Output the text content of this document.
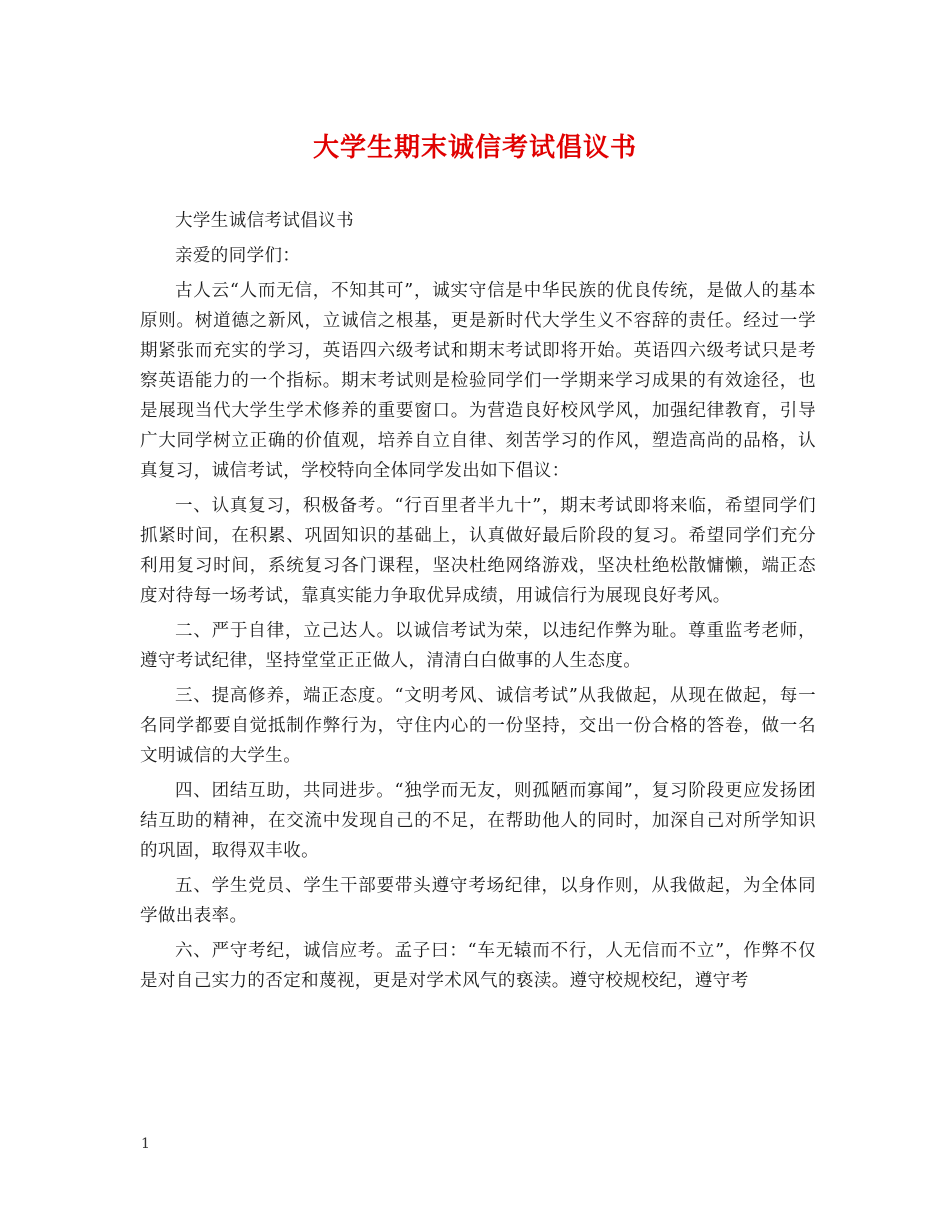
大学生期末诚信考试倡议书

大学生诚信考试倡议书

亲爱的同学们：

古人云“人而无信，不知其可”，诚实守信是中华民族的优良传统，是做人的基本原则。树道德之新风，立诚信之根基，更是新时代大学生义不容辞的责任。经过一学期紧张而充实的学习，英语四六级考试和期末考试即将开始。英语四六级考试只是考察英语能力的一个指标。期末考试则是检验同学们一学期来学习成果的有效途径，也是展现当代大学生学术修养的重要窗口。为营造良好校风学风，加强纪律教育，引导广大同学树立正确的价值观，培养自立自律、刻苦学习的作风，塑造高尚的品格，认真复习，诚信考试，学校特向全体同学发出如下倡议：

一、认真复习，积极备考。“行百里者半九十”，期末考试即将来临，希望同学们抓紧时间，在积累、巩固知识的基础上，认真做好最后阶段的复习。希望同学们充分利用复习时间，系统复习各门课程，坚决杜绝网络游戏，坚决杜绝松散慵懒，端正态度对待每一场考试，靠真实能力争取优异成绩，用诚信行为展现良好考风。

二、严于自律，立己达人。以诚信考试为荣，以违纪作弊为耻。尊重监考老师，遵守考试纪律，坚持堂堂正正做人，清清白白做事的人生态度。

三、提高修养，端正态度。“文明考风、诚信考试”从我做起，从现在做起，每一名同学都要自觉抵制作弊行为，守住内心的一份坚持，交出一份合格的答卷，做一名文明诚信的大学生。

四、团结互助，共同进步。“独学而无友，则孤陋而寡闻”，复习阶段更应发扬团结互助的精神，在交流中发现自己的不足，在帮助他人的同时，加深自己对所学知识的巩固，取得双丰收。

五、学生党员、学生干部要带头遵守考场纪律，以身作则，从我做起，为全体同学做出表率。

六、严守考纪，诚信应考。孟子曰：“车无辕而不行，人无信而不立”，作弊不仅是对自己实力的否定和蔑视，更是对学术风气的亵渎。遵守校规校纪，遵守考

1
